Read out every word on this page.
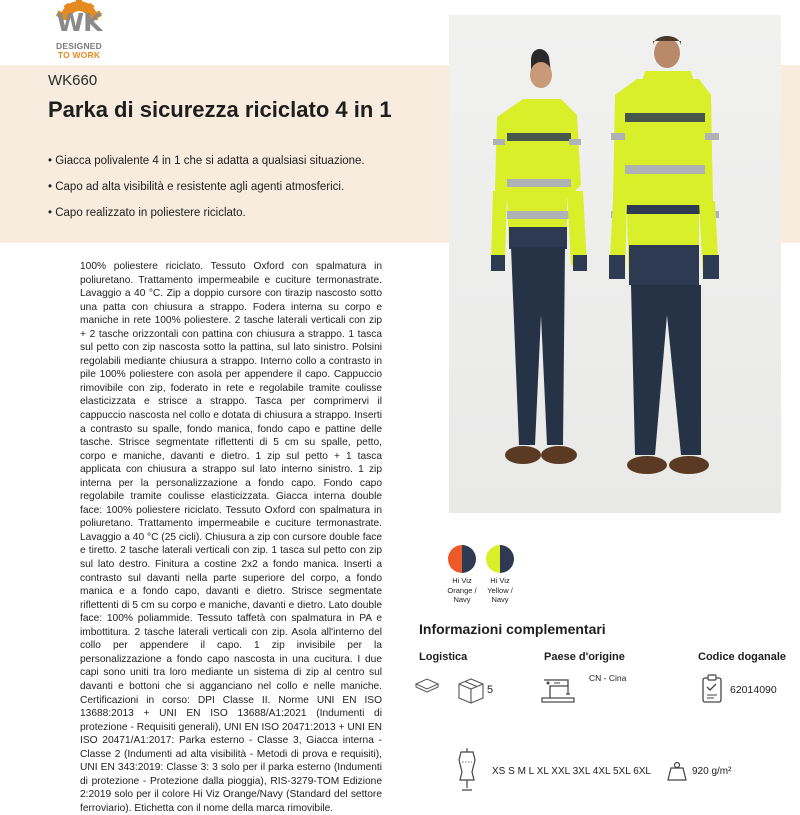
WK
DESIGNED
TO WORK
WK660
Parka di sicurezza riciclato 4 in 1

• Giacca polivalente 4 in 1 che si adatta a qualsiasi situazione.

• Capo ad alta visibilità e resistente agli agenti atmosferici.

• Capo realizzato in poliestere riciclato.

100% poliestere riciclato. Tessuto Oxford con spalmatura in poliuretano. Trattamento impermeabile e cuciture termonastrate. Lavaggio a 40 °C. Zip a doppio cursore con tirazip nascosto sotto una patta con chiusura a strappo. Fodera interna su corpo e maniche in rete 100% poliestere. 2 tasche laterali verticali con zip + 2 tasche orizzontali con pattina con chiusura a strappo. 1 tasca sul petto con zip nascosta sotto la pattina, sul lato sinistro. Polsini regolabili mediante chiusura a strappo. Interno collo a contrasto in pile 100% poliestere con asola per appendere il capo. Cappuccio rimovibile con zip, foderato in rete e regolabile tramite coulisse elasticizzata e strisce a strappo. Tasca per comprimervi il cappuccio nascosta nel collo e dotata di chiusura a strappo. Inserti a contrasto su spalle, fondo manica, fondo capo e pattine delle tasche. Strisce segmentate riflettenti di 5 cm su spalle, petto, corpo e maniche, davanti e dietro. 1 zip sul petto + 1 tasca applicata con chiusura a strappo sul lato interno sinistro. 1 zip interna per la personalizzazione a fondo capo. Fondo capo regolabile tramite coulisse elasticizzata. Giacca interna double face: 100% poliestere riciclato. Tessuto Oxford con spalmatura in poliuretano. Trattamento impermeabile e cuciture termonastrate. Lavaggio a 40 °C (25 cicli). Chiusura a zip con cursore double face e tiretto. 2 tasche laterali verticali con zip. 1 tasca sul petto con zip sul lato destro. Finitura a costine 2x2 a fondo manica. Inserti a contrasto sul davanti nella parte superiore del corpo, a fondo manica e a fondo capo, davanti e dietro. Strisce segmentate riflettenti di 5 cm su corpo e maniche, davanti e dietro. Lato double face: 100% poliammide. Tessuto taffetà con spalmatura in PA e imbottitura. 2 tasche laterali verticali con zip. Asola all'interno del collo per appendere il capo. 1 zip invisibile per la personalizzazione a fondo capo nascosta in una cucitura. I due capi sono uniti tra loro mediante un sistema di zip al centro sul davanti e bottoni che si agganciano nel collo e nelle maniche. Certificazioni in corso: DPI Classe II. Norme UNI EN ISO 13688:2013 + UNI EN ISO 13688/A1:2021 (Indumenti di protezione - Requisiti generali), UNI EN ISO 20471:2013 + UNI EN ISO 20471/A1:2017: Parka esterno - Classe 3, Giacca interna - Classe 2 (Indumenti ad alta visibilità - Metodi di prova e requisiti), UNI EN 343:2019: Classe 3: 3 solo per il parka esterno (Indumenti di protezione - Protezione dalla pioggia), RIS-3279-TOM Edizione 2:2019 solo per il colore Hi Viz Orange/Navy (Standard del settore ferroviario). Etichetta con il nome della marca rimovibile.
Hi Viz
Orange /
Navy
Hi Viz
Yellow /
Navy
Informazioni complementari
Logistica	Paese d'origine	Codice doganale
5
CN - Cina
62014090
XS S M L XL XXL 3XL 4XL 5XL 6XL	920 g/m²
